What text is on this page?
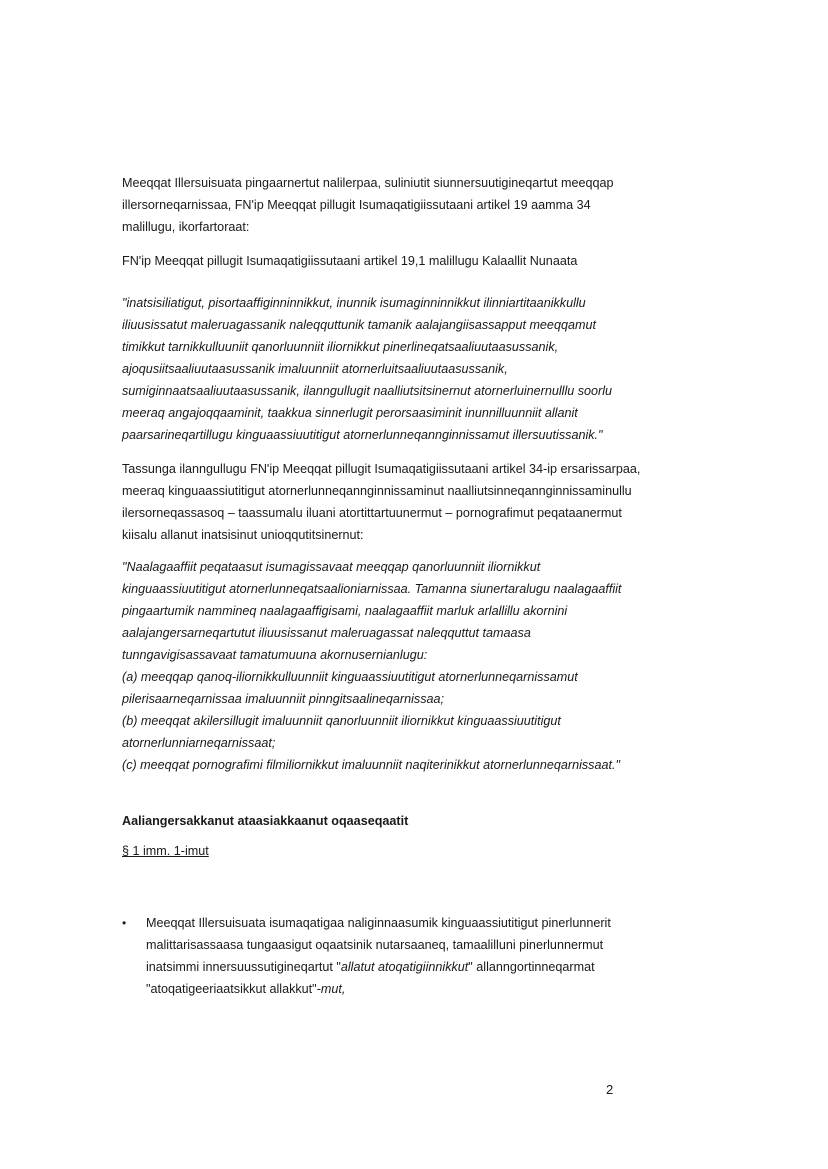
Meeqqat Illersuisuata pingaarnertut nalilerpaa, suliniutit siunnersuutigineqartut meeqqap illersorneqarnissaa, FN'ip Meeqqat pillugit Isumaqatigiissutaani artikel 19 aamma 34 malillugu, ikorfartoraat:

FN'ip Meeqqat pillugit Isumaqatigiissutaani artikel 19,1 malillugu Kalaallit Nunaata

"inatsisiliatigut, pisortaaffiginninnikkut, inunnik isumaginninnikkut ilinniartitaanikkullu iliuusissatut maleruagassanik naleqquttunik tamanik aalajangiisassapput meeqqamut timikkut tarnikkulluuniit qanorluunniit iliornikkut pinerlineqatsaaliuutaasussanik, ajoqusiitsaaliuutaasussanik imaluunniit atornerluitsaaliuutaasussanik, sumiginnaatsaaliuutaasussanik, ilanngullugit naalliutsitsinernut atornerluinernulllu soorlu meeraq angajoqqaaminit, taakkua sinnerlugit perorsaasiminit inunnilluunniit allanit paarsarineqartillugu kinguaassiuutitigut atornerlunneqannginnissamut illersuutissanik."

Tassunga ilanngullugu FN'ip Meeqqat pillugit Isumaqatigiissutaani artikel 34-ip ersarissarpaa, meeraq kinguaassiutitigut atornerlunneqannginnissaminut naalliutsinneqannginnissaminullu ilersorneqassasoq – taassumalu iluani atortittartuunermut – pornografimut peqataanermut kiisalu allanut inatsisinut unioqqutitsinernut:

"Naalagaaffiit peqataasut isumagissavaat meeqqap qanorluunniit iliornikkut kinguaassiuutitigut atornerlunneqatsaalioniarnissaa. Tamanna siunertaralugu naalagaaffiit pingaartumik nammineq naalagaaffigisami, naalagaaffiit marluk arlallillu akornini aalajangersarneqartutut iliuusissanut maleruagassat naleqquttut tamaasa tunngavigisassavaat tamatumuuna akornusernianlugu:
(a) meeqqap qanoq-iliornikkulluunniit kinguaassiuutitigut atornerlunneqarnissamut pilerisaarneqarnissaa imaluunniit pinngitsaalineqarnissaa;
(b) meeqqat akilersillugit imaluunniit qanorluunniit iliornikkut kinguaassiuutitigut atornerlunniarneqarnissaat;
(c) meeqqat pornografimi filmiliornikkut imaluunniit naqiterinikkut atornerlunneqarnissaat."
Aaliangersakkanut ataasiakkaanut oqaaseqaatit
§ 1 imm. 1-imut
• Meeqqat Illersuisuata isumaqatigaa naliginnaasumik kinguaassiutitigut pinerlunnerit malittarisassaasa tungaasigut oqaatsinik nutarsaaneq, tamaalilluni pinerlunnermut inatsimmi innersuussutigineqartut "allatut atoqatigiinnikkut" allanngortinneqarmat "atoqatigeeriaatsikkut allakkut"-mut,
2
